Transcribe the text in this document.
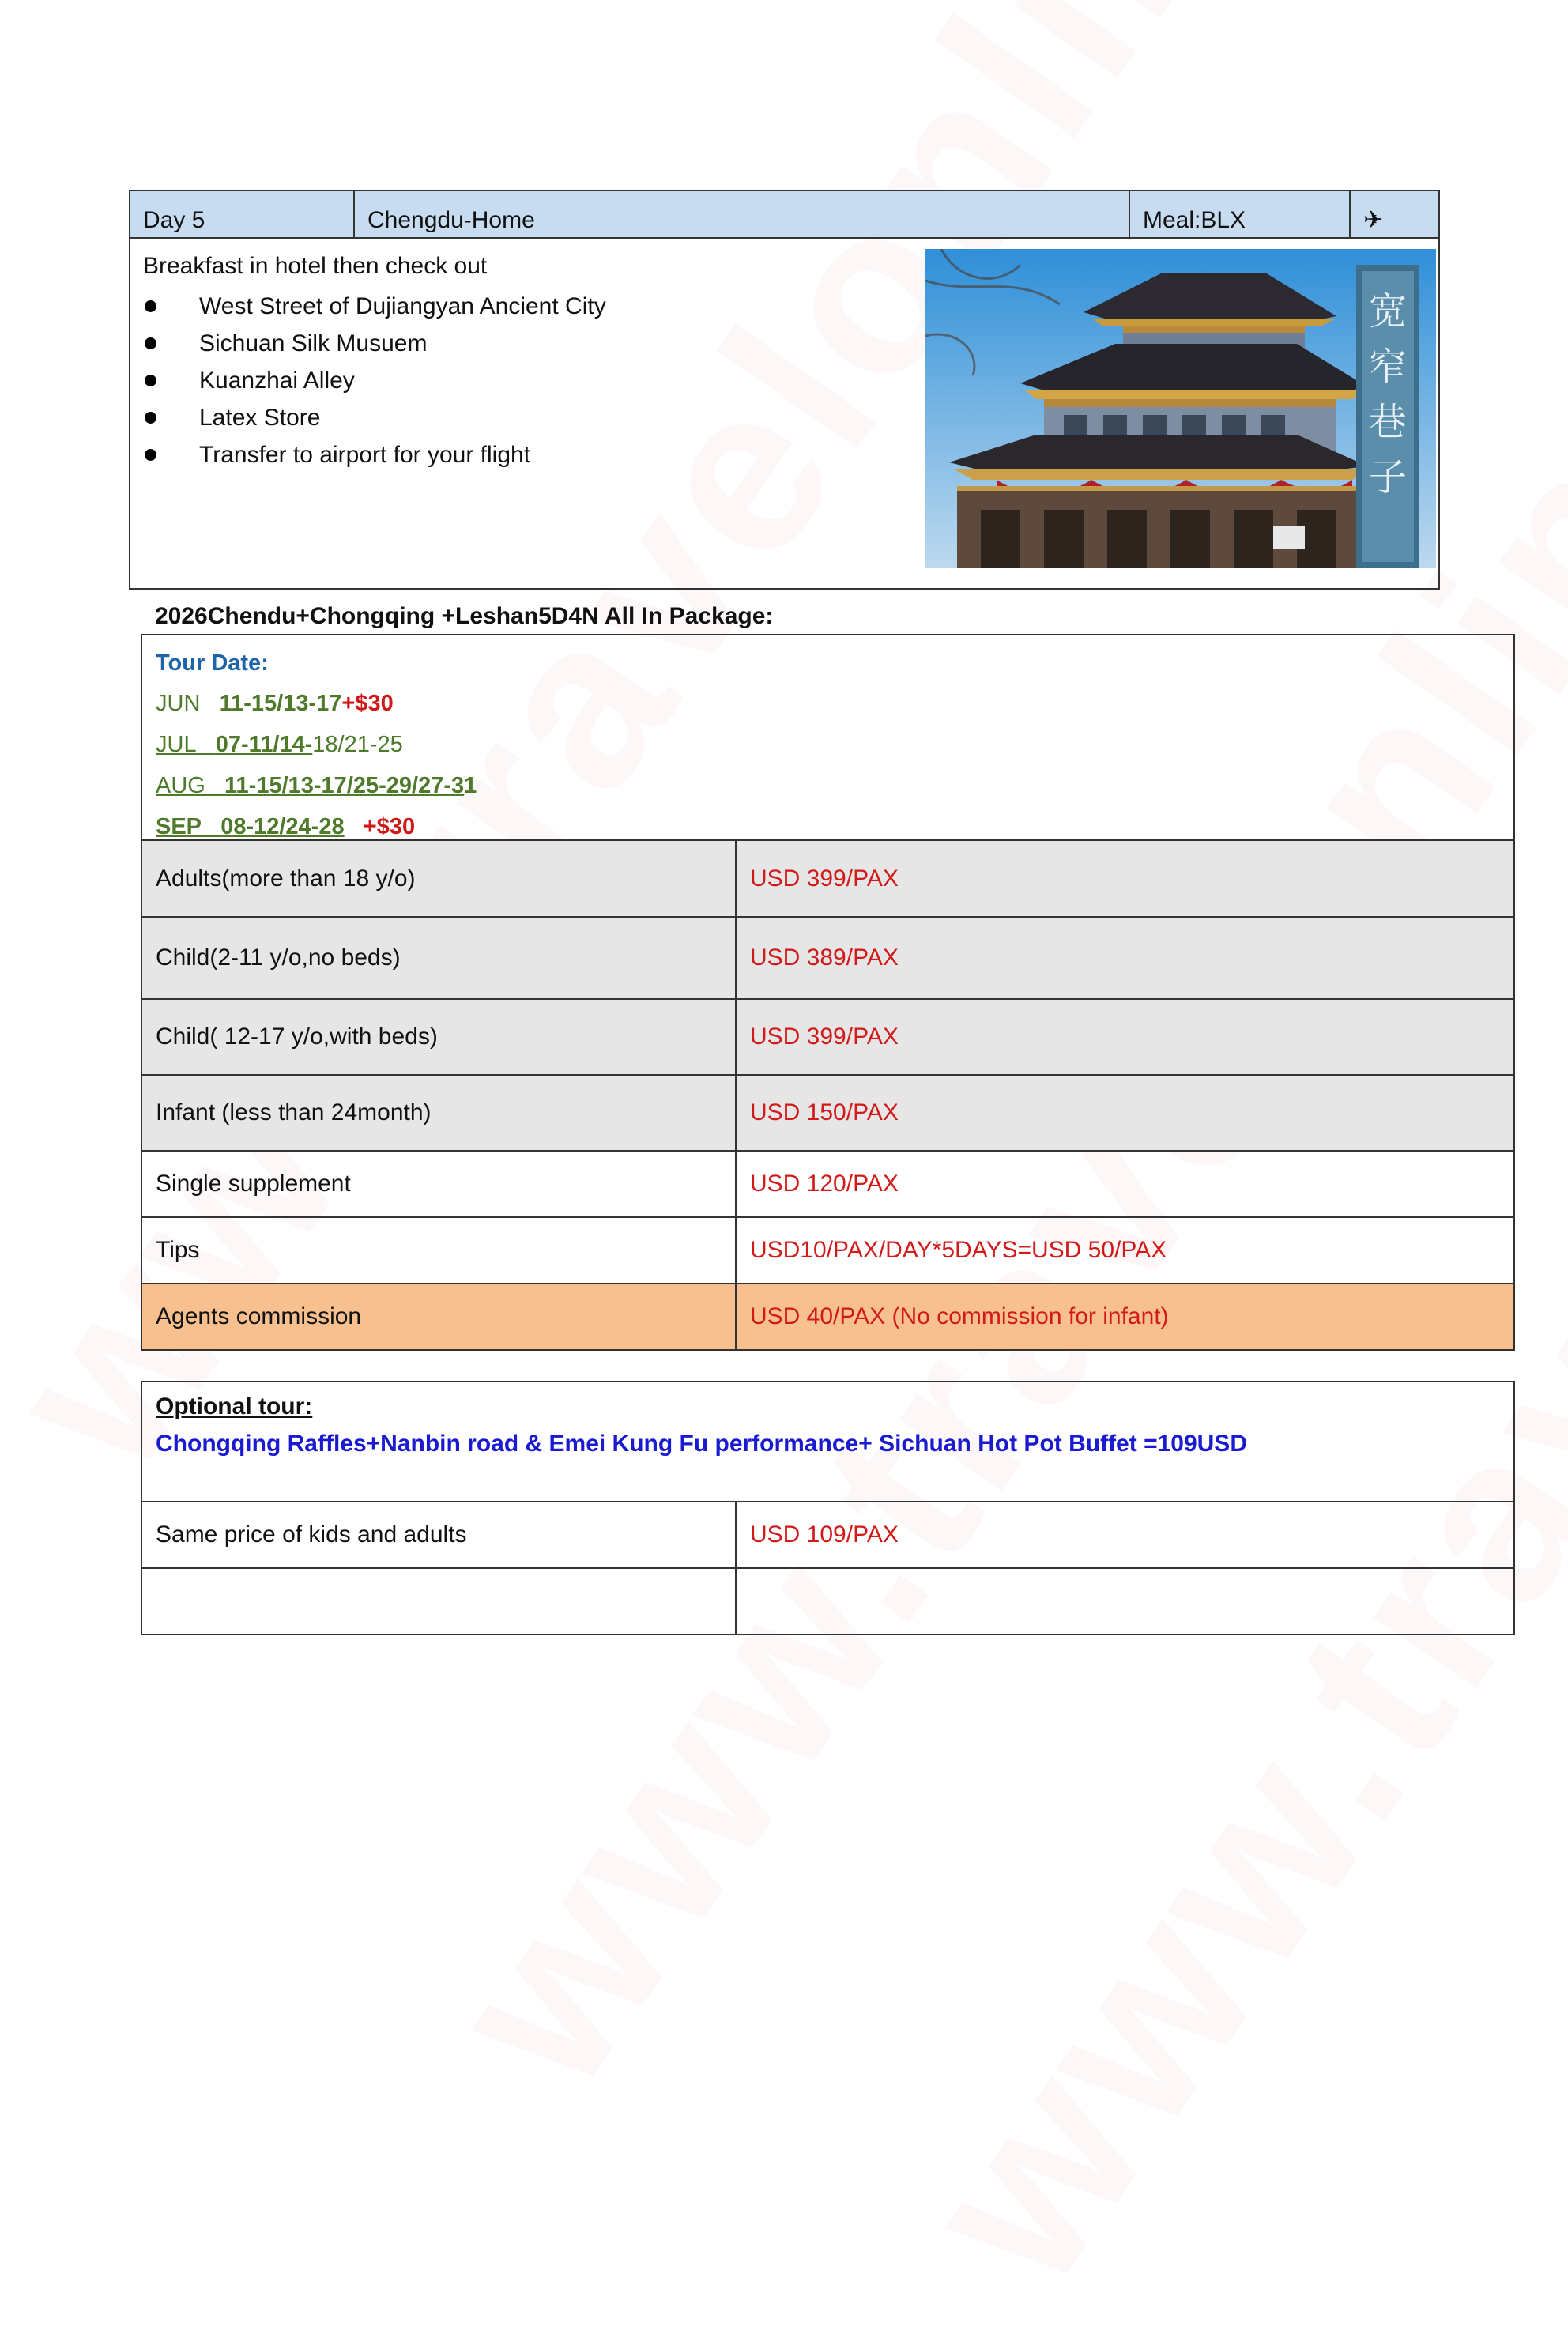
Day 5	Chengdu-Home	Meal:BLX	✈
Breakfast in hotel then check out
West Street of Dujiangyan Ancient City
Sichuan Silk Musuem
Kuanzhai Alley
Latex Store
Transfer to airport for your flight
宽
窄
巷
子
2026Chendu+Chongqing +Leshan5D4N All In Package:
Tour Date:
JUN
11-15/13-17 +$30
JUL
07-11/14- 18/21-25
AUG
11-15/13-17/25-29/27-3 1
SEP
08-12/24-28
+$30
Adults(more than 18 y/o)	USD 399/PAX
Child(2-11 y/o,no beds)	USD 389/PAX
Child( 12-17 y/o,with beds)	USD 399/PAX
Infant (less than 24month)	USD 150/PAX
Single supplement	USD 120/PAX
Tips	USD10/PAX/DAY*5DAYS=USD 50/PAX
Agents commission	USD 40/PAX (No commission for infant)
Optional tour:
Chongqing Raffles+Nanbin road & Emei Kung Fu performance+ Sichuan Hot Pot Buffet =109USD
Same price of kids and adults	USD 109/PAX
